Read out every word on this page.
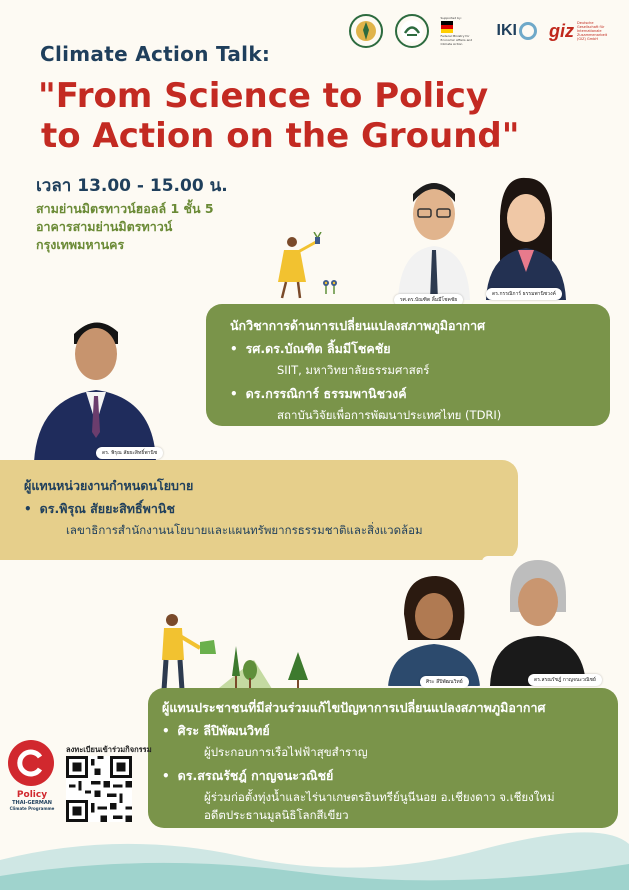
Supported by:
Federal Ministry for Economic Affairs and Climate Action
IKI giz Deutsche Gesellschaft für Internationale Zusammenarbeit (GIZ) GmbH
Climate Action Talk:
"From Science to Policy
to Action on the Ground"
เวลา 13.00 - 15.00 น.
สามย่านมิตรทาวน์ฮอลล์ 1 ชั้น 5
อาคารสามย่านมิตรทาวน์
กรุงเทพมหานคร
รศ.ดร.บัณฑิต ลิ้มมีโชคชัย
ดร.กรรณิการ์ ธรรมพานิชวงค์
นักวิชาการด้านการเปลี่ยนแปลงสภาพภูมิอากาศ
• รศ.ดร.บัณฑิต ลิ้มมีโชคชัย
SIIT, มหาวิทยาลัยธรรมศาสตร์
• ดร.กรรณิการ์ ธรรมพานิชวงค์
สถาบันวิจัยเพื่อการพัฒนาประเทศไทย (TDRI)
ดร. พิรุณ สัยยะสิทธิ์พานิช
ผู้แทนหน่วยงานกำหนดนโยบาย
• ดร.พิรุณ สัยยะสิทธิ์พานิช
เลขาธิการสำนักงานนโยบายและแผนทรัพยากรธรรมชาติและสิ่งแวดล้อม
ศิระ ลีปิพัฒนวิทย์	ดร.สรณรัชฎ์ กาญจนะวณิชย์
ผู้แทนประชาชนที่มีส่วนร่วมแก้ไขปัญหาการเปลี่ยนแปลงสภาพภูมิอากาศ
• ศิระ ลีปิพัฒนวิทย์
ผู้ประกอบการเรือไฟฟ้าสุขสำราญ
• ดร.สรณรัชฎ์ กาญจนะวณิชย์
ผู้ร่วมก่อตั้งทุ่งน้ำและไร่นาเกษตรอินทรีย์นูนีนอย อ.เชียงดาว จ.เชียงใหม่
อดีตประธานมูลนิธิโลกสีเขียว
Policy
THAI-GERMAN
Climate Programme
ลงทะเบียนเข้าร่วมกิจกรรม
